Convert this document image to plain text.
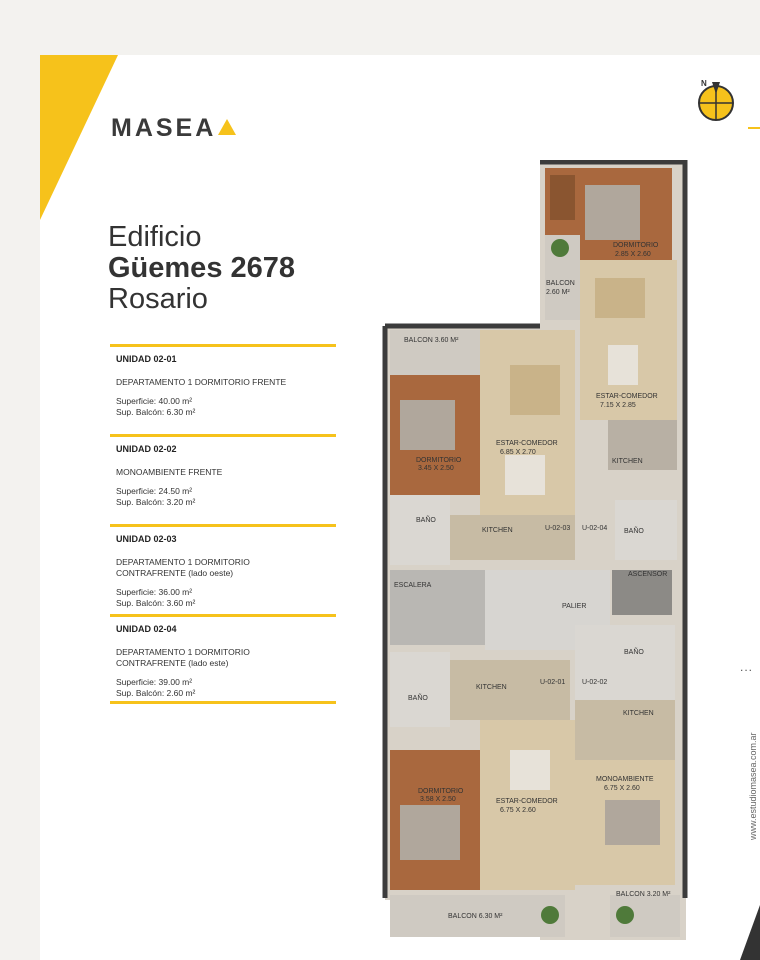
MASEA
Edificio
Güemes 2678
Rosario
UNIDAD 02-01
DEPARTAMENTO 1 DORMITORIO FRENTE
Superficie: 40.00 m²
Sup. Balcón: 6.30 m²
UNIDAD 02-02
MONOAMBIENTE FRENTE
Superficie: 24.50 m²
Sup. Balcón: 3.20 m²
UNIDAD 02-03
DEPARTAMENTO 1 DORMITORIO
CONTRAFRENTE (lado oeste)
Superficie: 36.00 m²
Sup. Balcón: 3.60 m²
UNIDAD 02-04
DEPARTAMENTO 1 DORMITORIO
CONTRAFRENTE (lado este)
Superficie: 39.00 m²
Sup. Balcón: 2.60 m²
N
...
www.estudiomasea.com.ar
DORMITORIO
2.85 X 2.60
BALCON
2.60 M²
ESTAR-COMEDOR
7.15 X 2.85
KITCHEN
BAÑO
BALCON 3.60 M²
DORMITORIO
3.45 X 2.50
ESTAR-COMEDOR
6.85 X 2.70
BAÑO
KITCHEN	U-02-03 U-02-04
ESCALERA
PALIER
ASCENSOR
U-02-01 U-02-02
BAÑO
KITCHEN
BAÑO
KITCHEN
DORMITORIO
3.58 X 2.50	ESTAR-COMEDOR
6.75 X 2.60
MONOAMBIENTE
6.75 X 2.60
BALCON 6.30 M²
BALCON 3.20 M²
